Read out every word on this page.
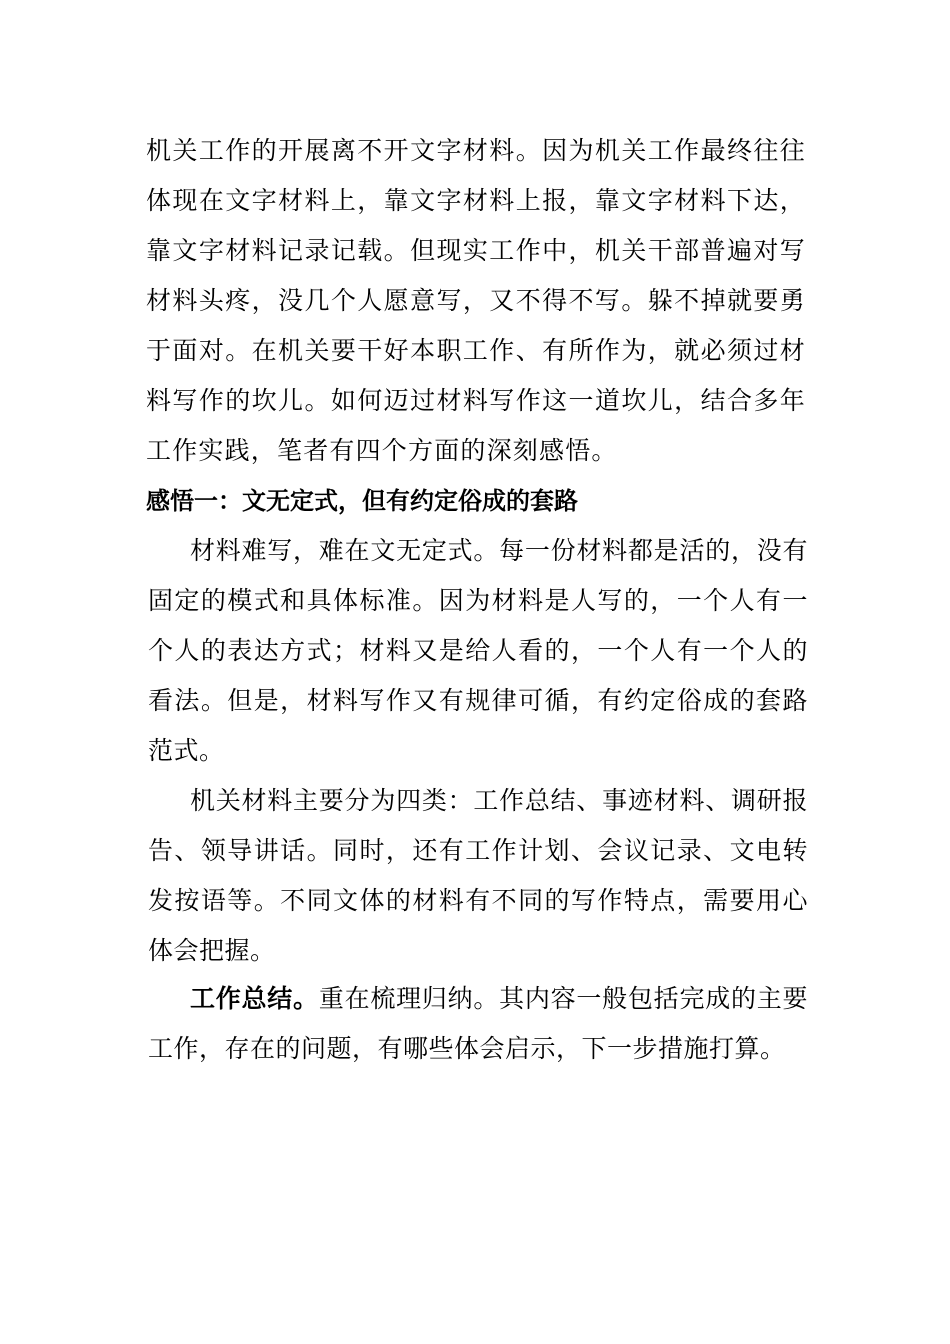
机关工作的开展离不开文字材料。因为机关工作最终往往体现在文字材料上，靠文字材料上报，靠文字材料下达，靠文字材料记录记载。但现实工作中，机关干部普遍对写材料头疼，没几个人愿意写，又不得不写。躲不掉就要勇于面对。在机关要干好本职工作、有所作为，就必须过材料写作的坎儿。如何迈过材料写作这一道坎儿，结合多年工作实践，笔者有四个方面的深刻感悟。

感悟一：文无定式，但有约定俗成的套路

材料难写，难在文无定式。每一份材料都是活的，没有固定的模式和具体标准。因为材料是人写的，一个人有一个人的表达方式；材料又是给人看的，一个人有一个人的看法。但是，材料写作又有规律可循，有约定俗成的套路范式。

机关材料主要分为四类：工作总结、事迹材料、调研报告、领导讲话。同时，还有工作计划、会议记录、文电转发按语等。不同文体的材料有不同的写作特点，需要用心体会把握。

工作总结。重在梳理归纳。其内容一般包括完成的主要工作，存在的问题，有哪些体会启示，下一步措施打算。
